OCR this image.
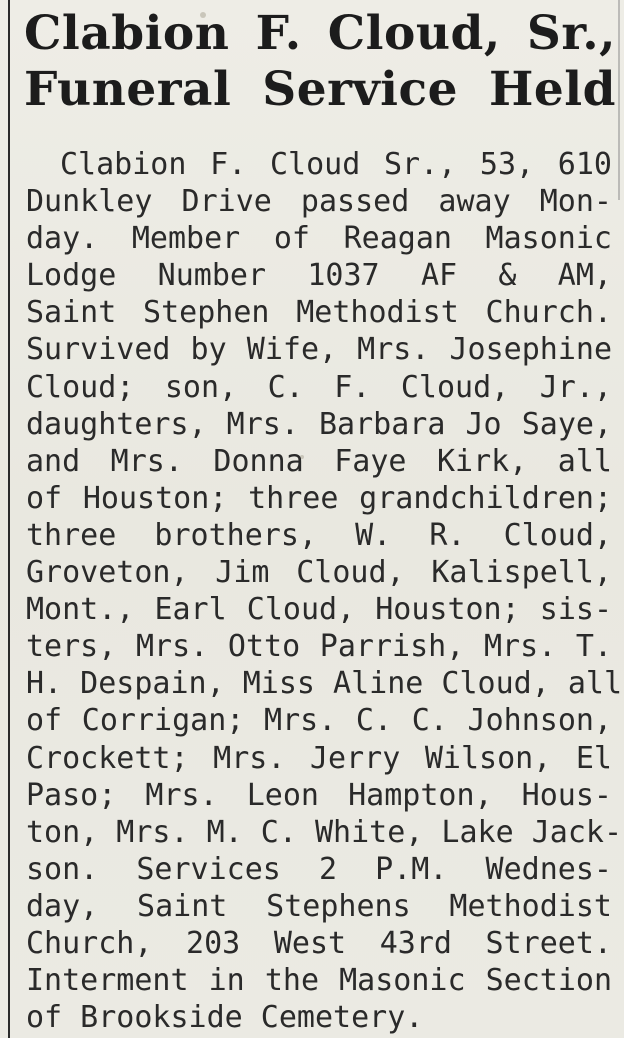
Clabion F. Cloud, Sr.,
Funeral Service Held
Clabion F. Cloud Sr., 53, 610
Dunkley Drive passed away Mon-
day. Member of Reagan Masonic
Lodge Number 1037 AF & AM,
Saint Stephen Methodist Church.
Survived by Wife, Mrs. Josephine
Cloud; son, C. F. Cloud, Jr.,
daughters, Mrs. Barbara Jo Saye,
and Mrs. Donna Faye Kirk, all
of Houston; three grandchildren;
three brothers, W. R. Cloud,
Groveton, Jim Cloud, Kalispell,
Mont., Earl Cloud, Houston; sis-
ters, Mrs. Otto Parrish, Mrs. T.
H. Despain, Miss Aline Cloud, all
of Corrigan; Mrs. C. C. Johnson,
Crockett; Mrs. Jerry Wilson, El
Paso; Mrs. Leon Hampton, Hous-
ton, Mrs. M. C. White, Lake Jack-
son. Services 2 P.M. Wednes-
day, Saint Stephens Methodist
Church, 203 West 43rd Street.
Interment in the Masonic Section
of Brookside Cemetery.
